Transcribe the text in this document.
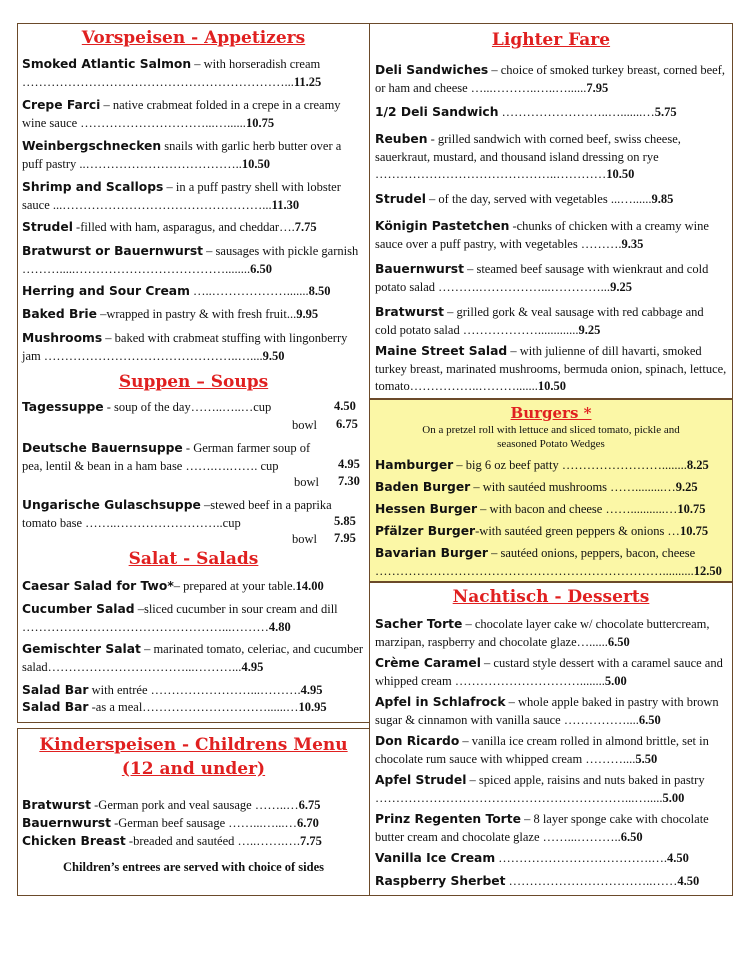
Vorspeisen - Appetizers
Smoked Atlantic Salmon – with horseradish cream ………………………………………………………...11.25
Crepe Farci – native crabmeat folded in a crepe in a creamy wine sauce …………………………...…......10.75
Weinbergschnecken snails with garlic herb butter over a puff pastry ..………………………………..10.50
Shrimp and Scallops – in a puff pastry shell with lobster sauce ...…………………………………………...11.30
Strudel -filled with ham, asparagus, and cheddar….7.75
Bratwurst or Bauernwurst – sausages with pickle garnish ……….....………………………………........6.50
Herring and Sour Cream …..……………….......8.50
Baked Brie –wrapped in pastry & with fresh fruit...9.95
Mushrooms – baked with crabmeat stuffing with lingonberry jam ………………………………………..…....9.50
Suppen – Soups
Tagessuppe - soup of the day……..…..…cup	4.50
bowl 6.75
Deutsche Bauernsuppe - German farmer soup of pea, lentil & bean in a ham base …….….……. cup	4.95
bowl 7.30
Ungarische Gulaschsuppe –stewed beef in a paprika tomato base ……..……………………..cup	5.85
bowl 7.95
Salat - Salads
Caesar Salad for Two*– prepared at your table.14.00
Cucumber Salad –sliced cucumber in sour cream and dill …………………………………………...………4.80
Gemischter Salat – marinated tomato, celeriac, and cucumber salad……………………………...………...4.95
Salad Bar with entrée ……………………...……….4.95
Salad Bar -as a meal…………………………......…10.95
Kinderspeisen - Childrens Menu
(12 and under)
Bratwurst -German pork and veal sausage ……..…6.75
Bauernwurst -German beef sausage ……...…...…6.70
Chicken Breast -breaded and sautéed …..…….….7.75
Children’s entrees are served with choice of sides
Lighter Fare
Deli Sandwiches – choice of smoked turkey breast, corned beef, or ham and cheese …...………..…..…......7.95
1/2 Deli Sandwich ……………………..….......…5.75
Reuben - grilled sandwich with corned beef, swiss cheese, sauerkraut, mustard, and thousand island dressing on rye ……………………………………..…………10.50
Strudel – of the day, served with vegetables ...…......9.85
Königin Pastetchen -chunks of chicken with a creamy wine sauce over a puff pastry, with vegetables ……….9.35
Bauernwurst – steamed beef sausage with wienkraut and cold potato salad ……….……………...…………...9.25
Bratwurst – grilled gork & veal sausage with red cabbage and cold potato salad ……………….............9.25
Maine Street Salad – with julienne of dill havarti, smoked turkey breast, marinated mushrooms, bermuda onion, spinach, lettuce, tomato……………..……….......10.50
Burgers *
On a pretzel roll with lettuce and sliced tomato, pickle and seasoned Potato Wedges
Hamburger – big 6 oz beef patty ……………………........8.25
Baden Burger – with sautéed mushrooms …….........…9.25
Hessen Burger – with bacon and cheese ……...........…10.75
Pfälzer Burger-with sautéed green peppers & onions …10.75
Bavarian Burger – sautéed onions, peppers, bacon, cheese ……………………………………………………………..........12.50
Nachtisch - Desserts
Sacher Torte – chocolate layer cake w/ chocolate buttercream, marzipan, raspberry and chocolate glaze…......6.50
Crème Caramel – custard style dessert with a caramel sauce and whipped cream …………………………........5.00
Apfel in Schlafrock – whole apple baked in pastry with brown sugar & cinnamon with vanilla sauce ……………....6.50
Don Ricardo – vanilla ice cream rolled in almond brittle, set in chocolate rum sauce with whipped cream ………....5.50
Apfel Strudel – spiced apple, raisins and nuts baked in pastry ……………………………………………………...….....5.00
Prinz Regenten Torte – 8 layer sponge cake with chocolate butter cream and chocolate glaze ……...………..6.50
Vanilla Ice Cream ……………………………….….4.50
Raspberry Sherbet ……………………………..……4.50
